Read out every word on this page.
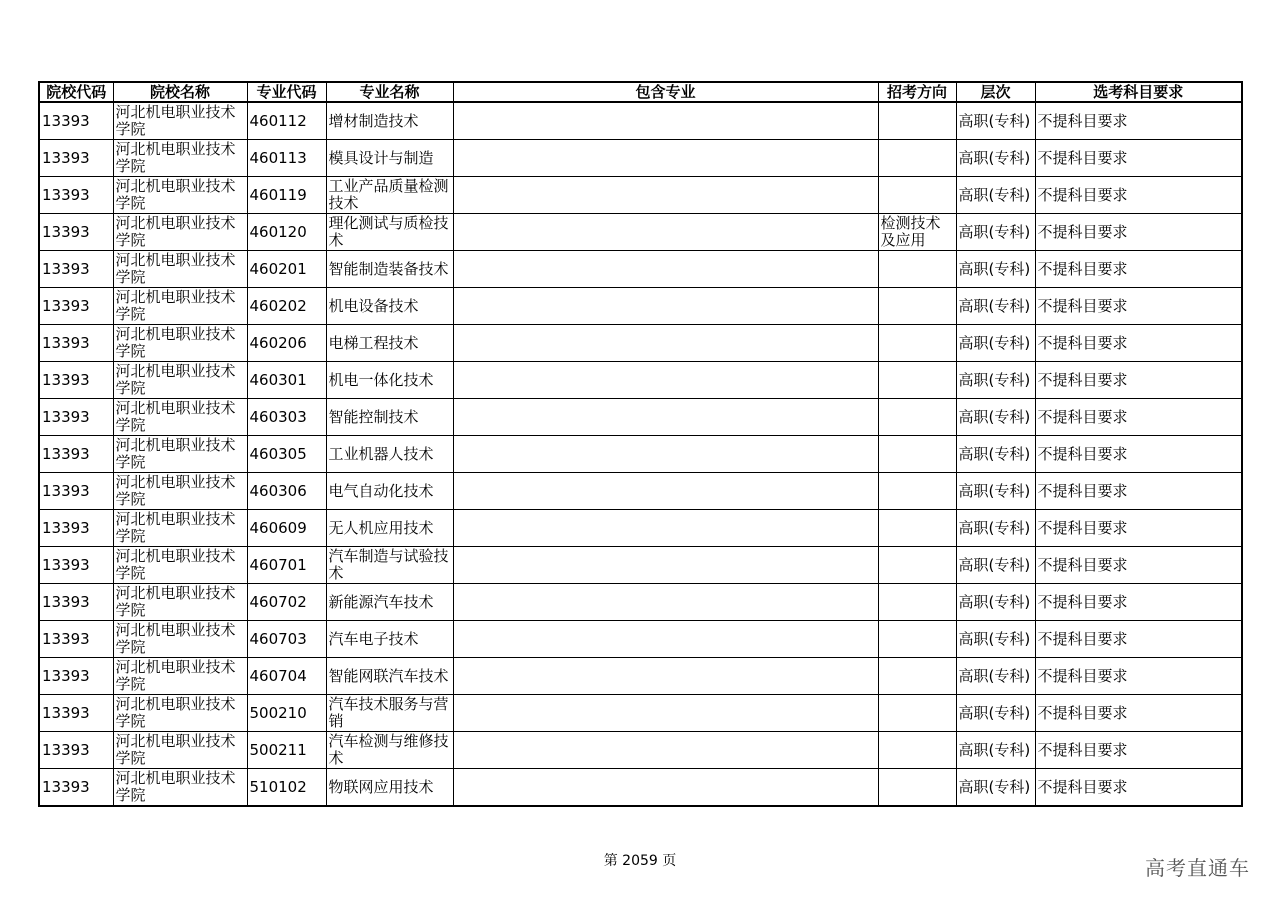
院校代码	院校名称	专业代码	专业名称	包含专业	招考方向	层次	选考科目要求
13393	河北机电职业技术学院	460112	增材制造技术			高职(专科)	不提科目要求
13393	河北机电职业技术学院	460113	模具设计与制造			高职(专科)	不提科目要求
13393	河北机电职业技术学院	460119	工业产品质量检测技术			高职(专科)	不提科目要求
13393	河北机电职业技术学院	460120	理化测试与质检技术		检测技术及应用	高职(专科)	不提科目要求
13393	河北机电职业技术学院	460201	智能制造装备技术			高职(专科)	不提科目要求
13393	河北机电职业技术学院	460202	机电设备技术			高职(专科)	不提科目要求
13393	河北机电职业技术学院	460206	电梯工程技术			高职(专科)	不提科目要求
13393	河北机电职业技术学院	460301	机电一体化技术			高职(专科)	不提科目要求
13393	河北机电职业技术学院	460303	智能控制技术			高职(专科)	不提科目要求
13393	河北机电职业技术学院	460305	工业机器人技术			高职(专科)	不提科目要求
13393	河北机电职业技术学院	460306	电气自动化技术			高职(专科)	不提科目要求
13393	河北机电职业技术学院	460609	无人机应用技术			高职(专科)	不提科目要求
13393	河北机电职业技术学院	460701	汽车制造与试验技术			高职(专科)	不提科目要求
13393	河北机电职业技术学院	460702	新能源汽车技术			高职(专科)	不提科目要求
13393	河北机电职业技术学院	460703	汽车电子技术			高职(专科)	不提科目要求
13393	河北机电职业技术学院	460704	智能网联汽车技术			高职(专科)	不提科目要求
13393	河北机电职业技术学院	500210	汽车技术服务与营销			高职(专科)	不提科目要求
13393	河北机电职业技术学院	500211	汽车检测与维修技术			高职(专科)	不提科目要求
13393	河北机电职业技术学院	510102	物联网应用技术			高职(专科)	不提科目要求
第 2059 页	高考直通车
